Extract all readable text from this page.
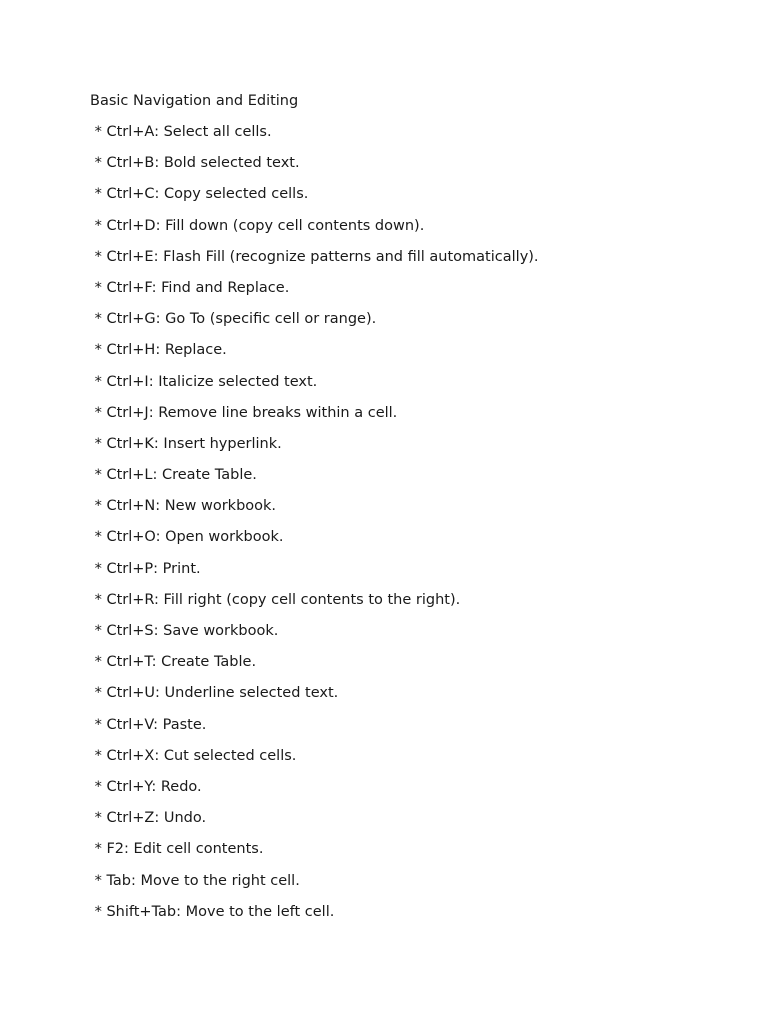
Basic Navigation and Editing
* Ctrl+A: Select all cells.
* Ctrl+B: Bold selected text.
* Ctrl+C: Copy selected cells.
* Ctrl+D: Fill down (copy cell contents down).
* Ctrl+E: Flash Fill (recognize patterns and fill automatically).
* Ctrl+F: Find and Replace.
* Ctrl+G: Go To (specific cell or range).
* Ctrl+H: Replace.
* Ctrl+I: Italicize selected text.
* Ctrl+J: Remove line breaks within a cell.
* Ctrl+K: Insert hyperlink.
* Ctrl+L: Create Table.
* Ctrl+N: New workbook.
* Ctrl+O: Open workbook.
* Ctrl+P: Print.
* Ctrl+R: Fill right (copy cell contents to the right).
* Ctrl+S: Save workbook.
* Ctrl+T: Create Table.
* Ctrl+U: Underline selected text.
* Ctrl+V: Paste.
* Ctrl+X: Cut selected cells.
* Ctrl+Y: Redo.
* Ctrl+Z: Undo.
* F2: Edit cell contents.
* Tab: Move to the right cell.
* Shift+Tab: Move to the left cell.
